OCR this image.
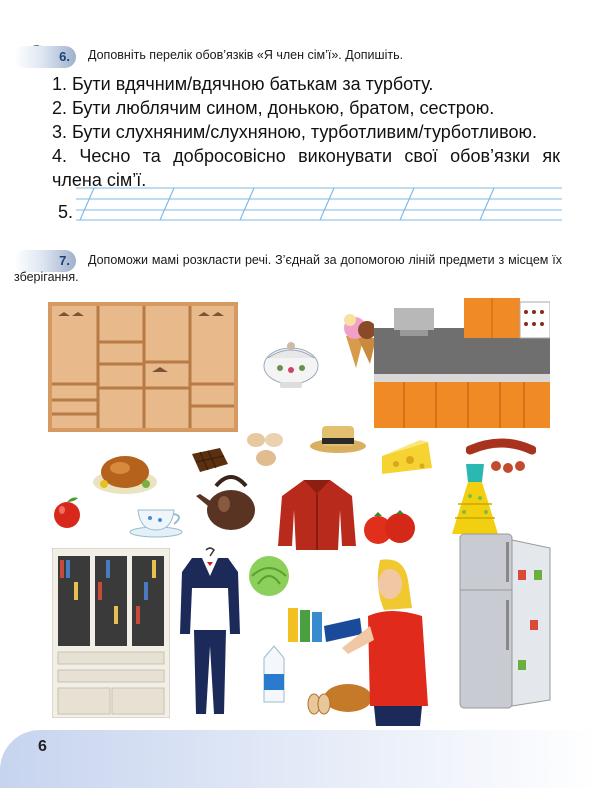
6. Доповніть перелік обов’язків «Я член сім’ї». Допишіть.
1. Бути вдячним/вдячною батькам за турботу.
2. Бути люблячим сином, донькою, братом, сестрою.
3. Бути слухняним/слухняною, турботливим/турботливою.
4. Чесно та добросовісно виконувати свої обов’язки як члена сім’ї.
5.
7.	Допоможи мамі розкласти речі. З’єднай за допомогою ліній предмети з місцем їх зберігання.
6
